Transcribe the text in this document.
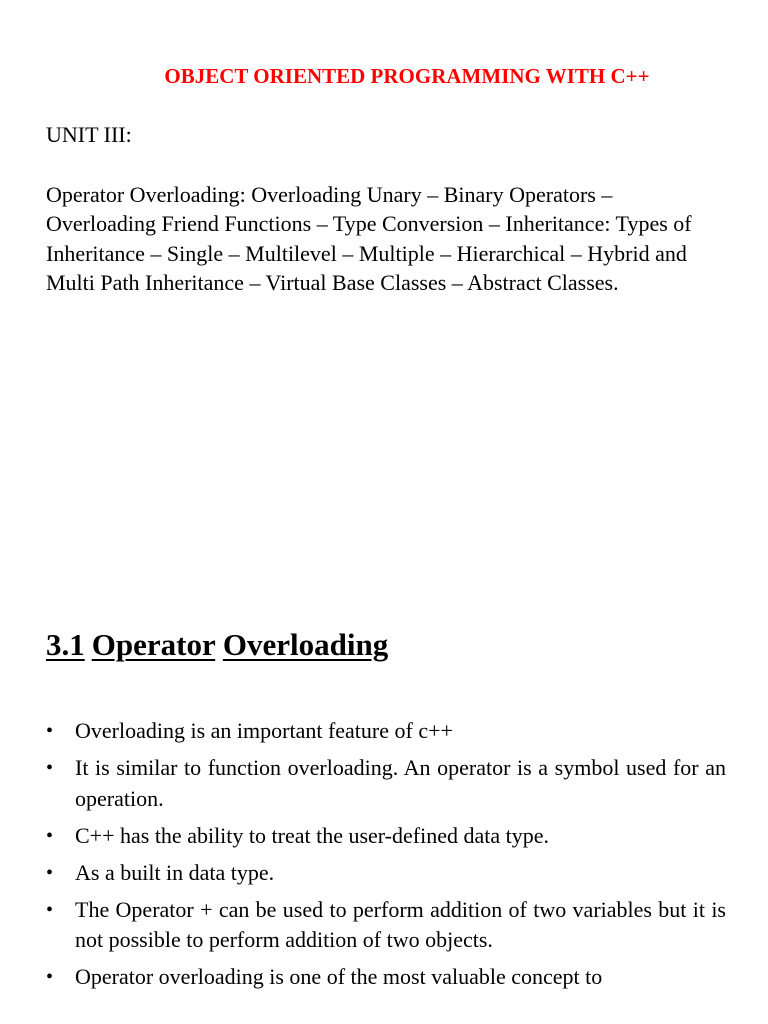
OBJECT ORIENTED PROGRAMMING WITH C++
UNIT III:

Operator Overloading: Overloading Unary – Binary Operators – Overloading Friend Functions – Type Conversion – Inheritance: Types of Inheritance – Single – Multilevel – Multiple – Hierarchical – Hybrid and Multi Path Inheritance – Virtual Base Classes – Abstract Classes.

3.1 Operator Overloading
• Overloading is an important feature of c++
• It is similar to function overloading. An operator is a symbol used for an operation.
• C++ has the ability to treat the user-defined data type.
• As a built in data type.
• The Operator + can be used to perform addition of two variables but it is not possible to perform addition of two objects.
• Operator overloading is one of the most valuable concept to
